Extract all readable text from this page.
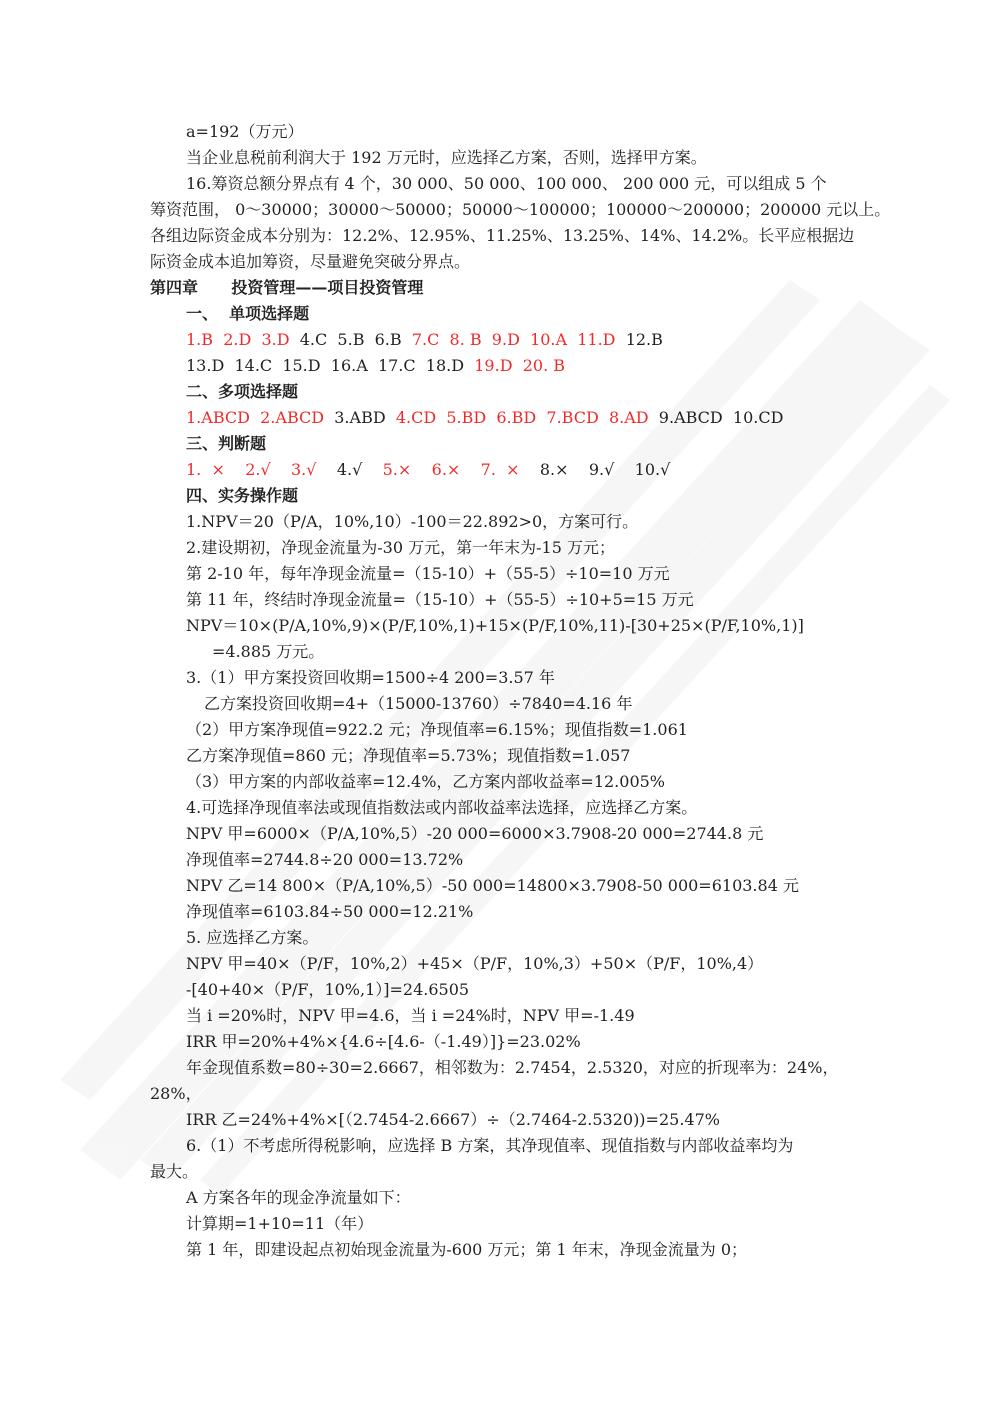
a=192（万元）
当企业息税前利润大于 192 万元时，应选择乙方案，否则，选择甲方案。
16.筹资总额分界点有 4 个，30 000、50 000、100 000、 200 000 元，可以组成 5 个
筹资范围， 0～30000；30000～50000；50000～100000；100000～200000；200000 元以上。
各组边际资金成本分别为：12.2%、12.95%、11.25%、13.25%、14%、14.2%。长平应根据边
际资金成本追加筹资，尽量避免突破分界点。
第四章      投资管理——项目投资管理
一、  单项选择题
1.B 2.D 3.D 4.C 5.B 6.B 7.C 8. B 9.D 10.A 11.D 12.B
13.D 14.C 15.D 16.A 17.C 18.D 19.D 20. B
二、多项选择题
1.ABCD 2.ABCD 3.ABD 4.CD 5.BD 6.BD 7.BCD 8.AD 9.ABCD 10.CD
三、判断题
1.  × 2.√ 3.√ 4.√ 5.× 6.× 7.  × 8.× 9.√ 10.√
四、实务操作题
1.NPV＝20（P/A，10%,10）-100＝22.892>0，方案可行。
2.建设期初，净现金流量为-30 万元，第一年末为-15 万元；
第 2-10 年，每年净现金流量=（15-10）+（55-5）÷10=10 万元
第 11 年，终结时净现金流量=（15-10）+（55-5）÷10+5=15 万元
NPV＝10×(P/A,10%,9)×(P/F,10%,1)+15×(P/F,10%,11)-[30+25×(P/F,10%,1)]
=4.885 万元。
3.（1）甲方案投资回收期=1500÷4 200=3.57 年
乙方案投资回收期=4+（15000-13760）÷7840=4.16 年
（2）甲方案净现值=922.2 元；净现值率=6.15%；现值指数=1.061
乙方案净现值=860 元；净现值率=5.73%；现值指数=1.057
（3）甲方案的内部收益率=12.4%，乙方案内部收益率=12.005%
4.可选择净现值率法或现值指数法或内部收益率法选择，应选择乙方案。
NPV 甲=6000×（P/A,10%,5）-20 000=6000×3.7908-20 000=2744.8 元
净现值率=2744.8÷20 000=13.72%
NPV 乙=14 800×（P/A,10%,5）-50 000=14800×3.7908-50 000=6103.84 元
净现值率=6103.84÷50 000=12.21%
5. 应选择乙方案。
NPV 甲=40×（P/F，10%,2）+45×（P/F，10%,3）+50×（P/F，10%,4）
-[40+40×（P/F，10%,1）]=24.6505
当 i =20%时，NPV 甲=4.6，当 i =24%时，NPV 甲=-1.49
IRR 甲=20%+4%×{4.6÷[4.6-（-1.49）]}=23.02%
年金现值系数=80÷30=2.6667，相邻数为：2.7454，2.5320，对应的折现率为：24%，
28%，
IRR 乙=24%+4%×[（2.7454-2.6667）÷（2.7464-2.5320))=25.47%
6.（1）不考虑所得税影响，应选择 B 方案，其净现值率、现值指数与内部收益率均为
最大。
A 方案各年的现金净流量如下：
计算期=1+10=11（年）
第 1 年，即建设起点初始现金流量为-600 万元；第 1 年末，净现金流量为 0；
